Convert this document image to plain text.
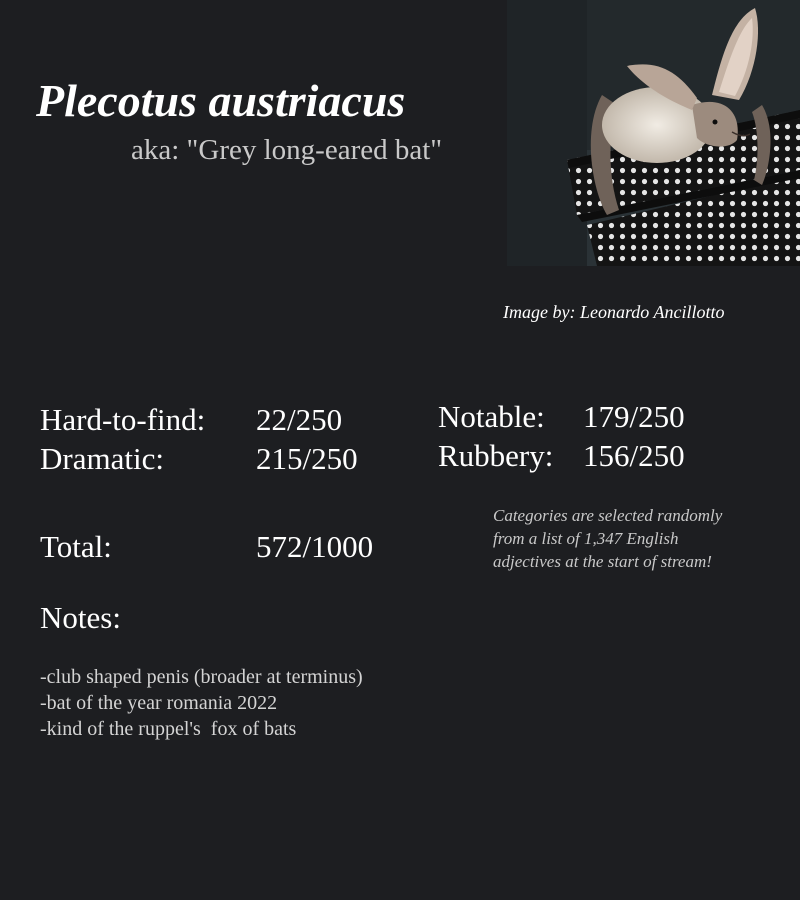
Plecotus austriacus
aka: "Grey long-eared bat"
Image by: Leonardo Ancillotto
Hard-to-find: 22/250
Dramatic:	215/250
Notable: 179/250
Rubbery: 156/250
Total:	572/1000
Categories are selected randomly from a list of 1,347 English adjectives at the start of stream!
Notes:
-club shaped penis (broader at terminus)
-bat of the year romania 2022
-kind of the ruppel's  fox of bats
